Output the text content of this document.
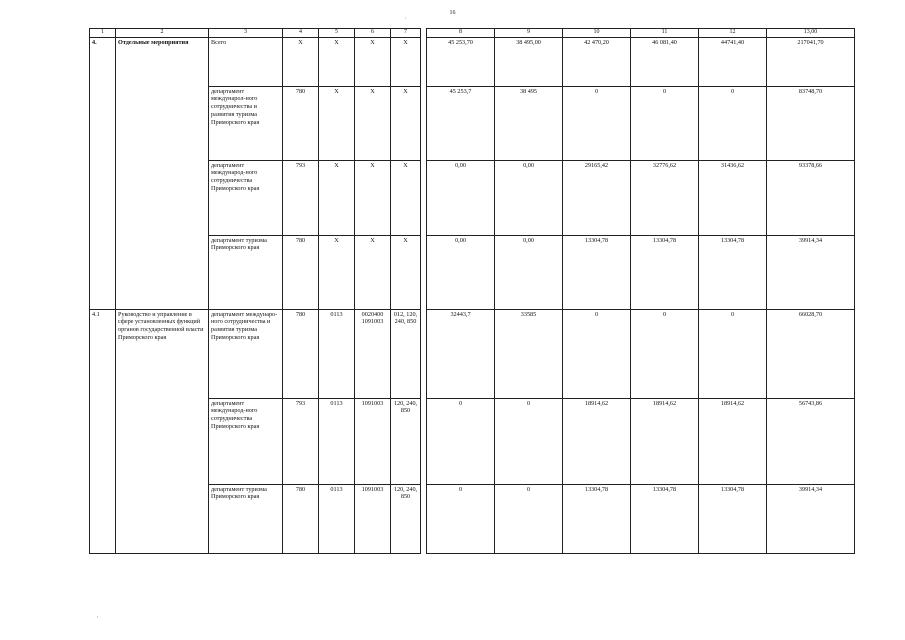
16
'
,
1	2	3	4	5	6	7		8	9	10	11	12	13,00
4.	Отдельные мероприятия	Всего	X	X	X	X		45 253,70	38 495,00	42 470,20	46 081,40	44741,40	217041,70
		департамент междунарол-ного сотрудничества и развития туризма Приморского края	780	X	X	X		45 253,7	38 495	0	0	0	83748,70
		департамент международ-ного сотрудничества Приморского края	793	X	X	X		0,00	0,00	29165,42	32776,62	31436,62	93378,66
		департамент туризма Приморского края	780	X	X	X		0,00	0,00	13304,78	13304,78	13304,78	39914,34
4.1	Руководство и управление в сфере установленных функций органов государственной власти Приморского края	департамент междунаро-ного сотрудничества и развития туризма Приморского края	780	0113	0020400 1091003	012, 120, 240, 850		32443,7	33585	0	0	0	66028,70
		департамент международ-ного сотрудничества Приморского края	793	0113	1091003	120, 240, 850		0	0	18914,62	18914,62	18914,62	56743,86
		департамент туризма Приморского края	780	0113	1091003	120, 240, 850		0	0	13304,78	13304,78	13304,78	39914,34
